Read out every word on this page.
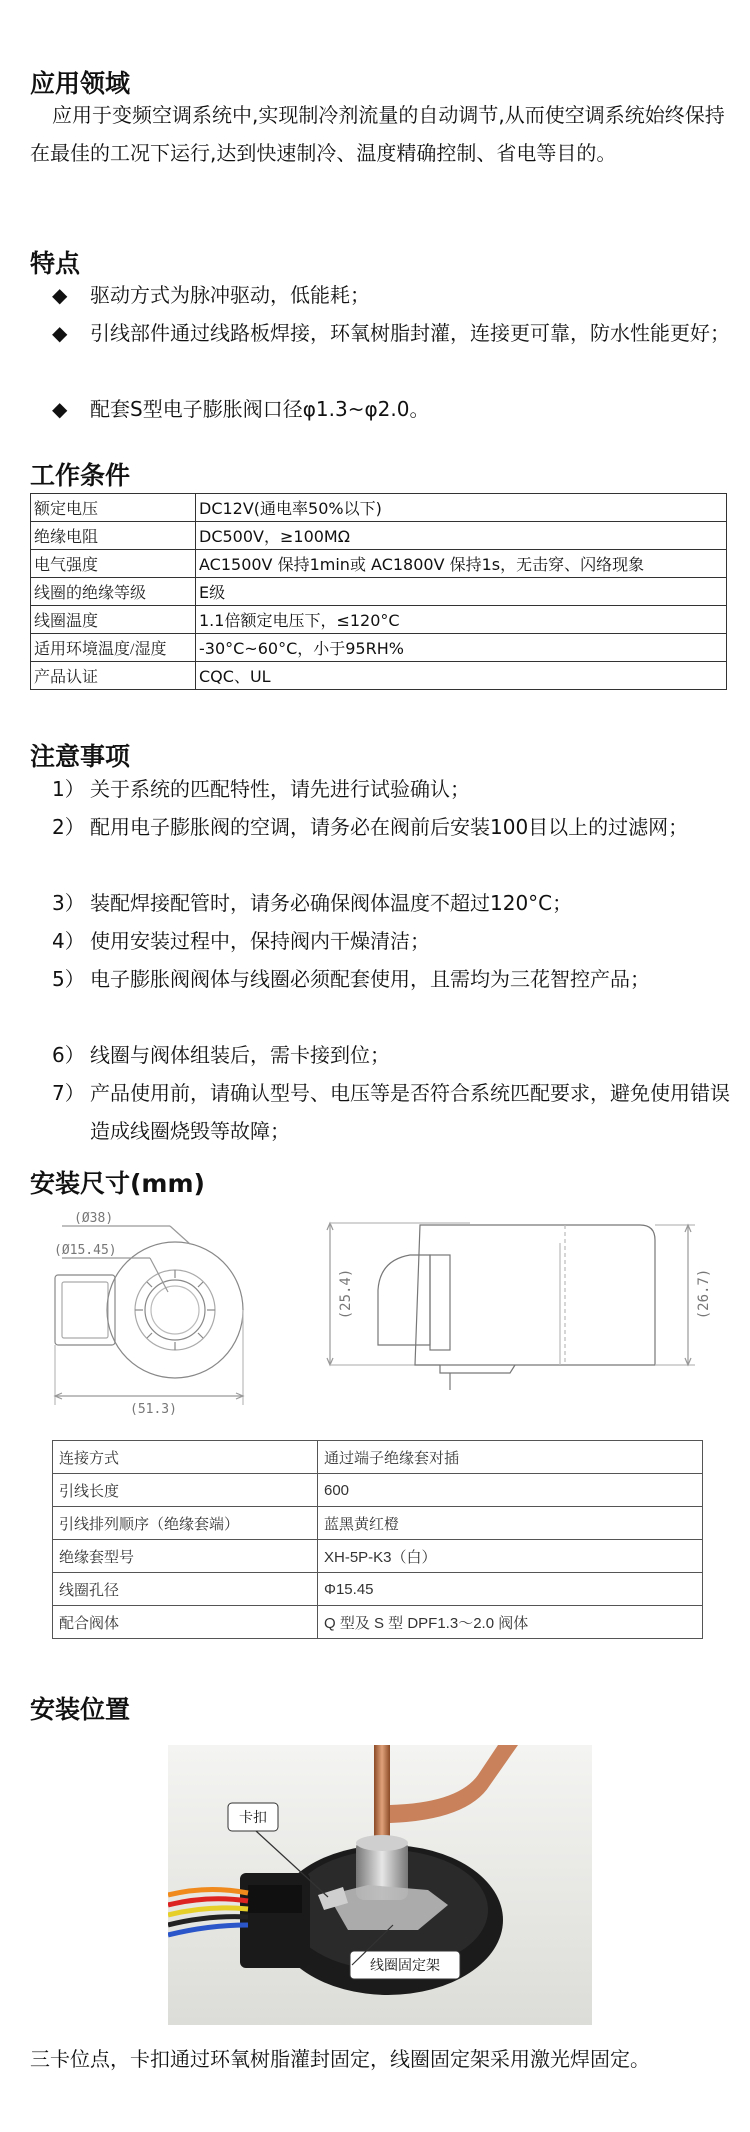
应用领域

应用于变频空调系统中,实现制冷剂流量的自动调节,从而使空调系统始终保持在最佳的工况下运行,达到快速制冷、温度精确控制、省电等目的。

特点
◆	驱动方式为脉冲驱动，低能耗；
◆	引线部件通过线路板焊接，环氧树脂封灌，连接更可靠，防水性能更好；
◆	配套S型电子膨胀阀口径φ1.3~φ2.0。
工作条件
额定电压	DC12V(通电率50%以下)
绝缘电阻	DC500V，≥100MΩ
电气强度	AC1500V 保持1min或 AC1800V 保持1s，无击穿、闪络现象
线圈的绝缘等级	E级
线圈温度	1.1倍额定电压下，≤120°C
适用环境温度/湿度	-30°C~60°C，小于95RH%
产品认证	CQC、UL
注意事项
1） 关于系统的匹配特性，请先进行试验确认；
2） 配用电子膨胀阀的空调，请务必在阀前后安装100目以上的过滤网；
3） 装配焊接配管时，请务必确保阀体温度不超过120°C；
4） 使用安装过程中，保持阀内干燥清洁；
5） 电子膨胀阀阀体与线圈必须配套使用，且需均为三花智控产品；
6） 线圈与阀体组装后，需卡接到位；
7） 产品使用前，请确认型号、电压等是否符合系统匹配要求，避免使用错误造成线圈烧毁等故障；
安装尺寸(mm)
(Ø38)
(Ø15.45)
(51.3)
(25.4)
(26.7)
连接方式	通过端子绝缘套对插
引线长度	600
引线排列顺序（绝缘套端）	蓝黑黄红橙
绝缘套型号	XH-5P-K3（白）
线圈孔径	Φ15.45
配合阀体	Q 型及 S 型 DPF1.3～2.0 阀体
安装位置
卡扣
线圈固定架

三卡位点，卡扣通过环氧树脂灌封固定，线圈固定架采用激光焊固定。
